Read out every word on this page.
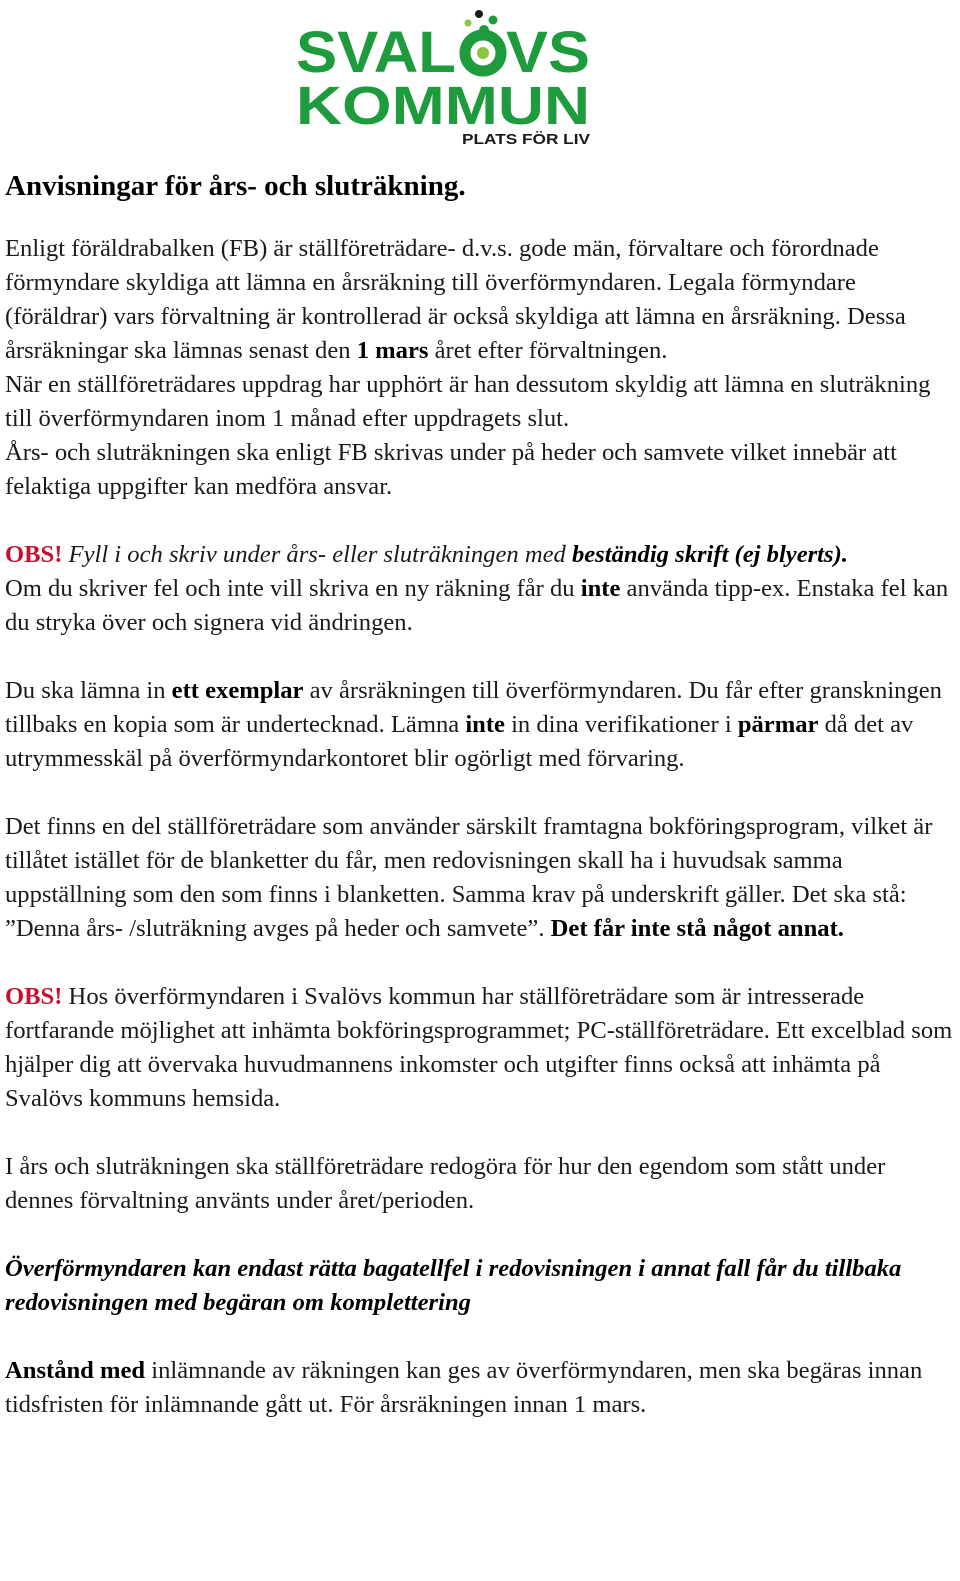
SVAL VS
KOMMUN
PLATS FÖR LIV
Anvisningar för års- och sluträkning.

Enligt föräldrabalken (FB) är ställföreträdare- d.v.s. gode män, förvaltare och förordnade förmyndare skyldiga att lämna en årsräkning till överförmyndaren. Legala förmyndare (föräldrar) vars förvaltning är kontrollerad är också skyldiga att lämna en årsräkning. Dessa årsräkningar ska lämnas senast den 1 mars året efter förvaltningen.

När en ställföreträdares uppdrag har upphört är han dessutom skyldig att lämna en sluträkning till överförmyndaren inom 1 månad efter uppdragets slut.

Års- och sluträkningen ska enligt FB skrivas under på heder och samvete vilket innebär att felaktiga uppgifter kan medföra ansvar.

OBS! Fyll i och skriv under års- eller sluträkningen med beständig skrift (ej blyerts).

Om du skriver fel och inte vill skriva en ny räkning får du inte använda tipp-ex. Enstaka fel kan du stryka över och signera vid ändringen.

Du ska lämna in ett exemplar av årsräkningen till överförmyndaren. Du får efter granskningen tillbaks en kopia som är undertecknad. Lämna inte in dina verifikationer i pärmar då det av utrymmesskäl på överförmyndarkontoret blir ogörligt med förvaring.

Det finns en del ställföreträdare som använder särskilt framtagna bokföringsprogram, vilket är tillåtet istället för de blanketter du får, men redovisningen skall ha i huvudsak samma uppställning som den som finns i blanketten. Samma krav på underskrift gäller. Det ska stå: ”Denna års- /sluträkning avges på heder och samvete”. Det får inte stå något annat.

OBS! Hos överförmyndaren i Svalövs kommun har ställföreträdare som är intresserade fortfarande möjlighet att inhämta bokföringsprogrammet; PC-ställföreträdare. Ett excelblad som hjälper dig att övervaka huvudmannens inkomster och utgifter finns också att inhämta på Svalövs kommuns hemsida.

I års och sluträkningen ska ställföreträdare redogöra för hur den egendom som stått under dennes förvaltning använts under året/perioden.

Överförmyndaren kan endast rätta bagatellfel i redovisningen i annat fall får du tillbaka redovisningen med begäran om komplettering

Anstånd med inlämnande av räkningen kan ges av överförmyndaren, men ska begäras innan tidsfristen för inlämnande gått ut. För årsräkningen innan 1 mars.
